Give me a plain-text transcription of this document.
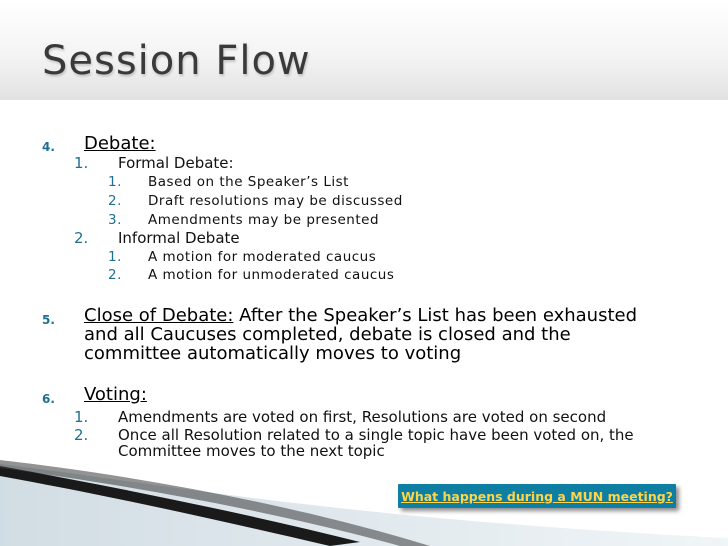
Session Flow
4. Debate:
1. Formal Debate:
1. Based on the Speaker’s List
2. Draft resolutions may be discussed
3. Amendments may be presented
2. Informal Debate
1. A motion for moderated caucus
2. A motion for unmoderated caucus
5. Close of Debate: After the Speaker’s List has been exhausted
and all Caucuses completed, debate is closed and the
committee automatically moves to voting
6. Voting:
1. Amendments are voted on first, Resolutions are voted on second
2. Once all Resolution related to a single topic have been voted on, the
Committee moves to the next topic
What happens during a MUN meeting?
